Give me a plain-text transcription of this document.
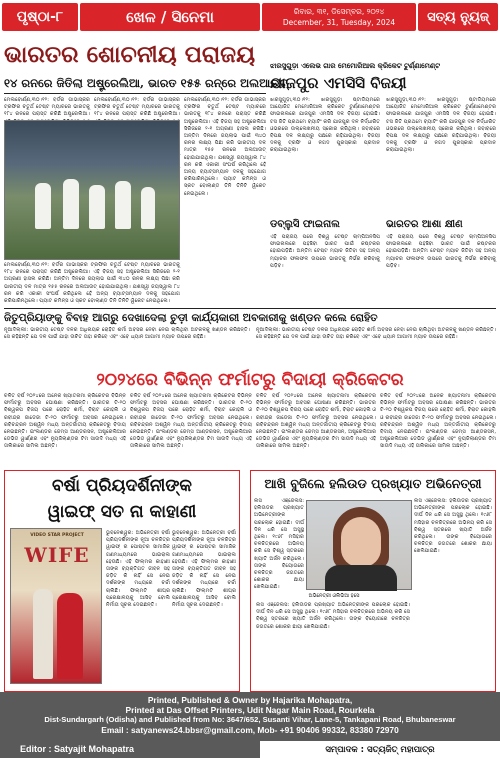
ପୃଷ୍ଠା-୮	ଖେଳ / ସିନେମା	ରିବାର, ୩୧, ଡିସେମ୍ବର, ୨୦୨୪
December, 31, Tuesday, 2024	ସତ୍ୟ ନ୍ୟୁଜ୍
ଭାରତର ଶୋଚନୀୟ ପରାଜୟ
୧୪ ରନରେ ଜିତିଲା ଅଷ୍ଟ୍ରେଲିଆ, ଭାରତ ୧୫୫ ରନ୍‌ରେ ଅଲଆଉଟ୍
ମେଲବୋର୍ଣ୍ଣ,୩୦।୧୨: ବର୍ଡର ଗାଭାସ୍କର ଟ୍ରଫିର ଚତୁର୍ଥ ଟେଷ୍ଟ ମ୍ୟାଚରେ ଭାରତକୁ ୧୮୪ ରନରେ ପରାସ୍ତ କରିଛି ଅଷ୍ଟ୍ରେଲିଆ।
ମେଲବୋର୍ଣ୍ଣ,୩୦।୧୨: ବର୍ଡର ଗାଭାସ୍କର ଟ୍ରଫିର ଚତୁର୍ଥ ଟେଷ୍ଟ ମ୍ୟାଚରେ ଭାରତକୁ ୧୮୪ ରନରେ ପରାସ୍ତ କରିଛି ଅଷ୍ଟ୍ରେଲିଆ।
ମେଲବୋର୍ଣ୍ଣ,୩୦।୧୨: ବର୍ଡର ଗାଭାସ୍କର ଟ୍ରଫିର ଚତୁର୍ଥ ଟେଷ୍ଟ ମ୍ୟାଚରେ ଭାରତକୁ ୧୮୪ ରନରେ ପରାସ୍ତ କରିଛି ଅଷ୍ଟ୍ରେଲିଆ। ଏହି ବିଜୟ ସହ ଅଷ୍ଟ୍ରେଲିଆ ସିରିଜରେ ୨-୧ ଅଗ୍ରଣୀ ହାସଲ କରିଛି। ଅନ୍ତିମ ଦିନରେ ଜୟଲାଭ ପାଇଁ ୩୪୦ ରନର ଲକ୍ଷ୍ୟ ପିଛା କରି ଭାରତୀୟ ଦଳ ମାତ୍ର ୧୫୫ ରନରେ ଅଲଆଉଟ୍ ହୋଇଯାଇଥିଲା। ଯଶସ୍ୱୀ ଜୟସ୍ୱାଲ ୮୪ ରନ କରି ଏକାକୀ ସଂଘର୍ଷ କରିଥିଲେ ହେଁ ଅନ୍ୟ ବ୍ୟାଟ୍ସମ୍ୟାନ ଦଳକୁ ସହଯୋଗ କରିପାରିନଥିଲେ। ପ୍ୟାଟ କମିନ୍ସ ଓ ସ୍କଟ ବୋଲାଣ୍ଡ ତିନି ତିନିଟି ୱିକେଟ ନେଇଥିଲେ।
ମେଲବୋର୍ଣ୍ଣ,୩୦।୧୨: ବର୍ଡର ଗାଭାସ୍କର ଟ୍ରଫିର ଚତୁର୍ଥ ଟେଷ୍ଟ ମ୍ୟାଚରେ ଭାରତକୁ ୧୮୪ ରନରେ ପରାସ୍ତ କରିଛି ଅଷ୍ଟ୍ରେଲିଆ। ଏହି ବିଜୟ ସହ ଅଷ୍ଟ୍ରେଲିଆ ସିରିଜରେ ୨-୧ ଅଗ୍ରଣୀ ହାସଲ କରିଛି। ଅନ୍ତିମ ଦିନରେ ଜୟଲାଭ ପାଇଁ ୩୪୦ ରନର ଲକ୍ଷ୍ୟ ପିଛା କରି ଭାରତୀୟ ଦଳ ମାତ୍ର ୧୫୫ ରନରେ ଅଲଆଉଟ୍ ହୋଇଯାଇଥିଲା। ଯଶସ୍ୱୀ ଜୟସ୍ୱାଲ ୮୪ ରନ କରି ଏକାକୀ ସଂଘର୍ଷ କରିଥିଲେ ହେଁ ଅନ୍ୟ ବ୍ୟାଟ୍ସମ୍ୟାନ ଦଳକୁ ସହଯୋଗ କରିପାରିନଥିଲେ। ପ୍ୟାଟ କମିନ୍ସ ଓ ସ୍କଟ ବୋଲାଣ୍ଡ ତିନି ତିନିଟି ୱିକେଟ ନେଇଥିଲେ।
ଝାରସୁଗୁଡ଼ା ଏଲେଭ ଗାର ମେମୋରିଆଲ କ୍ରିକେଟ ଟୁର୍ଣ୍ଣାମେଣ୍ଟ
ଯାଜପୁର ଏମସିସି ବିଜୟୀ
ଝାରସୁଗୁଡ଼ା,୩୦।୧୨: ଝାରସୁଗୁଡ଼ା ଷ୍ଟାଡିୟମରେ ଆୟୋଜିତ ମେମୋରିଆଲ କ୍ରିକେଟ ଟୁର୍ଣ୍ଣାମେଣ୍ଟର ଫାଇନାଲରେ ଯାଜପୁର ଏମସିସି ଦଳ ବିଜୟୀ ହୋଇଛି। ଟସ ଜିତି ପ୍ରଥମେ ବ୍ୟାଟିଂ କରି ଯାଜପୁର ଦଳ ନିର୍ଦ୍ଧାରିତ ଓଭରରେ ଉଲ୍ଲେଖନୀୟ ସ୍କୋର କରିଥିଲା। ଜବାବରେ ବିପକ୍ଷ ଦଳ ଲକ୍ଷ୍ୟରୁ ପଛରେ ରହିଯାଇଥିଲା। ବିଜୟୀ ଦଳକୁ ଟ୍ରଫି ଓ ନଗଦ ପୁରସ୍କାର ପ୍ରଦାନ କରାଯାଇଥିଲା।
ଝାରସୁଗୁଡ଼ା,୩୦।୧୨: ଝାରସୁଗୁଡ଼ା ଷ୍ଟାଡିୟମରେ ଆୟୋଜିତ ମେମୋରିଆଲ କ୍ରିକେଟ ଟୁର୍ଣ୍ଣାମେଣ୍ଟର ଫାଇନାଲରେ ଯାଜପୁର ଏମସିସି ଦଳ ବିଜୟୀ ହୋଇଛି। ଟସ ଜିତି ପ୍ରଥମେ ବ୍ୟାଟିଂ କରି ଯାଜପୁର ଦଳ ନିର୍ଦ୍ଧାରିତ ଓଭରରେ ଉଲ୍ଲେଖନୀୟ ସ୍କୋର କରିଥିଲା। ଜବାବରେ ବିପକ୍ଷ ଦଳ ଲକ୍ଷ୍ୟରୁ ପଛରେ ରହିଯାଇଥିଲା। ବିଜୟୀ ଦଳକୁ ଟ୍ରଫି ଓ ନଗଦ ପୁରସ୍କାର ପ୍ରଦାନ କରାଯାଇଥିଲା।
ଡବ୍ଲୁସି ଫାଇନାଲ	ଭାରତର ଆଶା କ୍ଷୀଣ
ଏହି ପରାଜୟ ପରେ ବିଶ୍ୱ ଟେଷ୍ଟ ଚାମ୍ପିଅନସିପ ଫାଇନାଲରେ ପହଞ୍ଚିବା ଭାରତ ପାଇଁ କଷ୍ଟକର ହୋଇପଡ଼ିଛି। ଅନ୍ତିମ ଟେଷ୍ଟ ମ୍ୟାଚ ଜିତିବା ସହ ଅନ୍ୟ ମ୍ୟାଚର ଫଳାଫଳ ଉପରେ ଭାରତକୁ ନିର୍ଭର କରିବାକୁ ପଡ଼ିବ।
ଏହି ପରାଜୟ ପରେ ବିଶ୍ୱ ଟେଷ୍ଟ ଚାମ୍ପିଅନସିପ ଫାଇନାଲରେ ପହଞ୍ଚିବା ଭାରତ ପାଇଁ କଷ୍ଟକର ହୋଇପଡ଼ିଛି। ଅନ୍ତିମ ଟେଷ୍ଟ ମ୍ୟାଚ ଜିତିବା ସହ ଅନ୍ୟ ମ୍ୟାଚର ଫଳାଫଳ ଉପରେ ଭାରତକୁ ନିର୍ଭର କରିବାକୁ ପଡ଼ିବ।
ଜିତୁପ୍ରିୟାଙ୍କୁ ବିବାହ ଆଗରୁ ଦେଖାଦେଲା ଚୁଡ଼ୀ କାର୍ଯ୍ୟକାରୀ ଅବକାରୀକୁ ଖଣ୍ଡନ କଲେ ରୋହିତ
ନୂଆଦିଲ୍ଲୀ: ଭାରତୀୟ ଟେଷ୍ଟ ଦଳର ଅଧିନାୟକ ରୋହିତ ଶର୍ମା ଅବସର ନେବା ନେଇ ଚାଲିଥିବା ଅଟକଳକୁ ଖଣ୍ଡନ କରିଛନ୍ତି। ସେ କହିଛନ୍ତି ଯେ ଦଳ ପାଇଁ ଯାହା ଉଚିତ ତାହା କରିବେ ଏବଂ ଏବେ ଧ୍ୟାନ ଆଗାମୀ ମ୍ୟାଚ ଉପରେ ରହିଛି।
ନୂଆଦିଲ୍ଲୀ: ଭାରତୀୟ ଟେଷ୍ଟ ଦଳର ଅଧିନାୟକ ରୋହିତ ଶର୍ମା ଅବସର ନେବା ନେଇ ଚାଲିଥିବା ଅଟକଳକୁ ଖଣ୍ଡନ କରିଛନ୍ତି। ସେ କହିଛନ୍ତି ଯେ ଦଳ ପାଇଁ ଯାହା ଉଚିତ ତାହା କରିବେ ଏବଂ ଏବେ ଧ୍ୟାନ ଆଗାମୀ ମ୍ୟାଚ ଉପରେ ରହିଛି।
୨୦୨୪ରେ ବିଭିନ୍ନ ଫର୍ମାଟରୁ ବିଦାୟୀ କ୍ରିକେଟର
ଚଳିତ ବର୍ଷ ୨୦୨୪ରେ ଅନେକ ଖ୍ୟାତନାମା କ୍ରିକେଟର ବିଭିନ୍ନ ଫର୍ମାଟରୁ ଅବସର ଘୋଷଣା କରିଛନ୍ତି। ଭାରତର ଟି-୨୦ ବିଶ୍ୱକପ ବିଜୟ ପରେ ରୋହିତ ଶର୍ମା, ବିରାଟ କୋହଲି ଓ ରବୀନ୍ଦ୍ର ଜାଡେଜା ଟି-୨୦ ଫର୍ମାଟରୁ ଅବସର ନେଇଥିଲେ। ରବିଚନ୍ଦ୍ରନ ଅଶ୍ୱିନ ମଧ୍ୟ ଅନ୍ତର୍ଜାତୀୟ କ୍ରିକେଟରୁ ବିଦାୟ ନେଇଛନ୍ତି। ଇଂଲଣ୍ଡର ଜେମ୍ସ ଆଣ୍ଡରସନ, ଅଷ୍ଟ୍ରେଲିଆର ଡେଭିଡ ୱାର୍ଣ୍ଣର ଏବଂ ନ୍ୟୁଜିଲାଣ୍ଡର ଟିମ ସାଉଦି ମଧ୍ୟ ଏହି ତାଲିକାରେ ସାମିଲ ଅଛନ୍ତି।
ଚଳିତ ବର୍ଷ ୨୦୨୪ରେ ଅନେକ ଖ୍ୟାତନାମା କ୍ରିକେଟର ବିଭିନ୍ନ ଫର୍ମାଟରୁ ଅବସର ଘୋଷଣା କରିଛନ୍ତି। ଭାରତର ଟି-୨୦ ବିଶ୍ୱକପ ବିଜୟ ପରେ ରୋହିତ ଶର୍ମା, ବିରାଟ କୋହଲି ଓ ରବୀନ୍ଦ୍ର ଜାଡେଜା ଟି-୨୦ ଫର୍ମାଟରୁ ଅବସର ନେଇଥିଲେ। ରବିଚନ୍ଦ୍ରନ ଅଶ୍ୱିନ ମଧ୍ୟ ଅନ୍ତର୍ଜାତୀୟ କ୍ରିକେଟରୁ ବିଦାୟ ନେଇଛନ୍ତି। ଇଂଲଣ୍ଡର ଜେମ୍ସ ଆଣ୍ଡରସନ, ଅଷ୍ଟ୍ରେଲିଆର ଡେଭିଡ ୱାର୍ଣ୍ଣର ଏବଂ ନ୍ୟୁଜିଲାଣ୍ଡର ଟିମ ସାଉଦି ମଧ୍ୟ ଏହି ତାଲିକାରେ ସାମିଲ ଅଛନ୍ତି।
ଚଳିତ ବର୍ଷ ୨୦୨୪ରେ ଅନେକ ଖ୍ୟାତନାମା କ୍ରିକେଟର ବିଭିନ୍ନ ଫର୍ମାଟରୁ ଅବସର ଘୋଷଣା କରିଛନ୍ତି। ଭାରତର ଟି-୨୦ ବିଶ୍ୱକପ ବିଜୟ ପରେ ରୋହିତ ଶର୍ମା, ବିରାଟ କୋହଲି ଓ ରବୀନ୍ଦ୍ର ଜାଡେଜା ଟି-୨୦ ଫର୍ମାଟରୁ ଅବସର ନେଇଥିଲେ। ରବିଚନ୍ଦ୍ରନ ଅଶ୍ୱିନ ମଧ୍ୟ ଅନ୍ତର୍ଜାତୀୟ କ୍ରିକେଟରୁ ବିଦାୟ ନେଇଛନ୍ତି। ଇଂଲଣ୍ଡର ଜେମ୍ସ ଆଣ୍ଡରସନ, ଅଷ୍ଟ୍ରେଲିଆର ଡେଭିଡ ୱାର୍ଣ୍ଣର ଏବଂ ନ୍ୟୁଜିଲାଣ୍ଡର ଟିମ ସାଉଦି ମଧ୍ୟ ଏହି ତାଲିକାରେ ସାମିଲ ଅଛନ୍ତି।
ଚଳିତ ବର୍ଷ ୨୦୨୪ରେ ଅନେକ ଖ୍ୟାତନାମା କ୍ରିକେଟର ବିଭିନ୍ନ ଫର୍ମାଟରୁ ଅବସର ଘୋଷଣା କରିଛନ୍ତି। ଭାରତର ଟି-୨୦ ବିଶ୍ୱକପ ବିଜୟ ପରେ ରୋହିତ ଶର୍ମା, ବିରାଟ କୋହଲି ଓ ରବୀନ୍ଦ୍ର ଜାଡେଜା ଟି-୨୦ ଫର୍ମାଟରୁ ଅବସର ନେଇଥିଲେ। ରବିଚନ୍ଦ୍ରନ ଅଶ୍ୱିନ ମଧ୍ୟ ଅନ୍ତର୍ଜାତୀୟ କ୍ରିକେଟରୁ ବିଦାୟ ନେଇଛନ୍ତି। ଇଂଲଣ୍ଡର ଜେମ୍ସ ଆଣ୍ଡରସନ, ଅଷ୍ଟ୍ରେଲିଆର ଡେଭିଡ ୱାର୍ଣ୍ଣର ଏବଂ ନ୍ୟୁଜିଲାଣ୍ଡର ଟିମ ସାଉଦି ମଧ୍ୟ ଏହି ତାଲିକାରେ ସାମିଲ ଅଛନ୍ତି।
ବର୍ଷା ପ୍ରିୟଦର୍ଶିନୀଙ୍କ
ୱାଇଫ୍ ସତ ନା କାହାଣୀ
VIDEO STAR PROJECT
WIFE
ଭୁବନେଶ୍ୱର: ଅଭିନେତ୍ରୀ ବର୍ଷା ପ୍ରିୟଦର୍ଶିନୀଙ୍କ ନୂଆ ଚଳଚ୍ଚିତ୍ର ୱାଇଫ୍ ର ପୋଷ୍ଟର ସାମାଜିକ ଗଣମାଧ୍ୟମରେ ଭାଇରାଲ ହେଉଛି। ଏହି ଫିଲ୍ମର କାହାଣୀ ତାଙ୍କ ବ୍ୟକ୍ତିଗତ ଜୀବନ ସହ ଜଡ଼ିତ କି ନାହିଁ ସେ ନେଇ ଦର୍ଶକଙ୍କ ମଧ୍ୟରେ ଚର୍ଚ୍ଚା ଚାଲିଛି। ଫିଲ୍ମଟି ଶୀଘ୍ର ପ୍ରେକ୍ଷାଳୟକୁ ଆସିବ ବୋଲି ନିର୍ମାତା ସୂଚନା ଦେଇଛନ୍ତି।
ଭୁବନେଶ୍ୱର: ଅଭିନେତ୍ରୀ ବର୍ଷା ପ୍ରିୟଦର୍ଶିନୀଙ୍କ ନୂଆ ଚଳଚ୍ଚିତ୍ର ୱାଇଫ୍ ର ପୋଷ୍ଟର ସାମାଜିକ ଗଣମାଧ୍ୟମରେ ଭାଇରାଲ ହେଉଛି। ଏହି ଫିଲ୍ମର କାହାଣୀ ତାଙ୍କ ବ୍ୟକ୍ତିଗତ ଜୀବନ ସହ ଜଡ଼ିତ କି ନାହିଁ ସେ ନେଇ ଦର୍ଶକଙ୍କ ମଧ୍ୟରେ ଚର୍ଚ୍ଚା ଚାଲିଛି। ଫିଲ୍ମଟି ଶୀଘ୍ର ପ୍ରେକ୍ଷାଳୟକୁ ଆସିବ ବୋଲି ନିର୍ମାତା ସୂଚନା ଦେଇଛନ୍ତି।
ଆଖି ବୁଜିଲେ ହଲିଉଡ ପ୍ରଖ୍ୟାତ ଅଭିନେତ୍ରୀ
ଅଭିନେତ୍ରୀ ଓଲିଭିଆ ହସେ
ଲସ ଏଞ୍ଜେଲସ: ହଲିଉଡର ପ୍ରଖ୍ୟାତ ଅଭିନେତ୍ରୀଙ୍କ ପରଲୋକ ହୋଇଛି। ଦୀର୍ଘ ଦିନ ଧରି ସେ ଅସୁସ୍ଥ ଥିଲେ। ୧୯୬୮ ମସିହାର ଚଳଚ୍ଚିତ୍ରରେ ଅଭିନୟ କରି ସେ ବିଶ୍ୱ ସ୍ତରରେ ଖ୍ୟାତି ଅର୍ଜନ କରିଥିଲେ। ତାଙ୍କ ବିୟୋଗରେ ଚଳଚ୍ଚିତ୍ର ଜଗତରେ ଶୋକର ଛାୟା ଖେଳିଯାଇଛି।
ଲସ ଏଞ୍ଜେଲସ: ହଲିଉଡର ପ୍ରଖ୍ୟାତ ଅଭିନେତ୍ରୀଙ୍କ ପରଲୋକ ହୋଇଛି। ଦୀର୍ଘ ଦିନ ଧରି ସେ ଅସୁସ୍ଥ ଥିଲେ। ୧୯୬୮ ମସିହାର ଚଳଚ୍ଚିତ୍ରରେ ଅଭିନୟ କରି ସେ ବିଶ୍ୱ ସ୍ତରରେ ଖ୍ୟାତି ଅର୍ଜନ କରିଥିଲେ। ତାଙ୍କ ବିୟୋଗରେ ଚଳଚ୍ଚିତ୍ର ଜଗତରେ ଶୋକର ଛାୟା ଖେଳିଯାଇଛି।
ଲସ ଏଞ୍ଜେଲସ: ହଲିଉଡର ପ୍ରଖ୍ୟାତ ଅଭିନେତ୍ରୀଙ୍କ ପରଲୋକ ହୋଇଛି। ଦୀର୍ଘ ଦିନ ଧରି ସେ ଅସୁସ୍ଥ ଥିଲେ। ୧୯୬୮ ମସିହାର ଚଳଚ୍ଚିତ୍ରରେ ଅଭିନୟ କରି ସେ ବିଶ୍ୱ ସ୍ତରରେ ଖ୍ୟାତି ଅର୍ଜନ କରିଥିଲେ। ତାଙ୍କ ବିୟୋଗରେ ଚଳଚ୍ଚିତ୍ର ଜଗତରେ ଶୋକର ଛାୟା ଖେଳିଯାଇଛି।
Printed, Published & Owner by Hajarika Mohapatra,
Printed at Das Offset Printers, Udit Nagar Main Road, Rourkela
Dist-Sundargarh (Odisha) and Published from No: 3647/652, Susanti Vihar, Lane-5, Tankapani Road, Bhubaneswar
Email : satyanews24.bbsr@gmail.com, Mob- +91 90406 99332, 83380 72970
Editor : Satyajit Mohapatra	ସମ୍ପାଦକ : ସତ୍ୟଜିତ୍ ମହାପାତ୍ର
